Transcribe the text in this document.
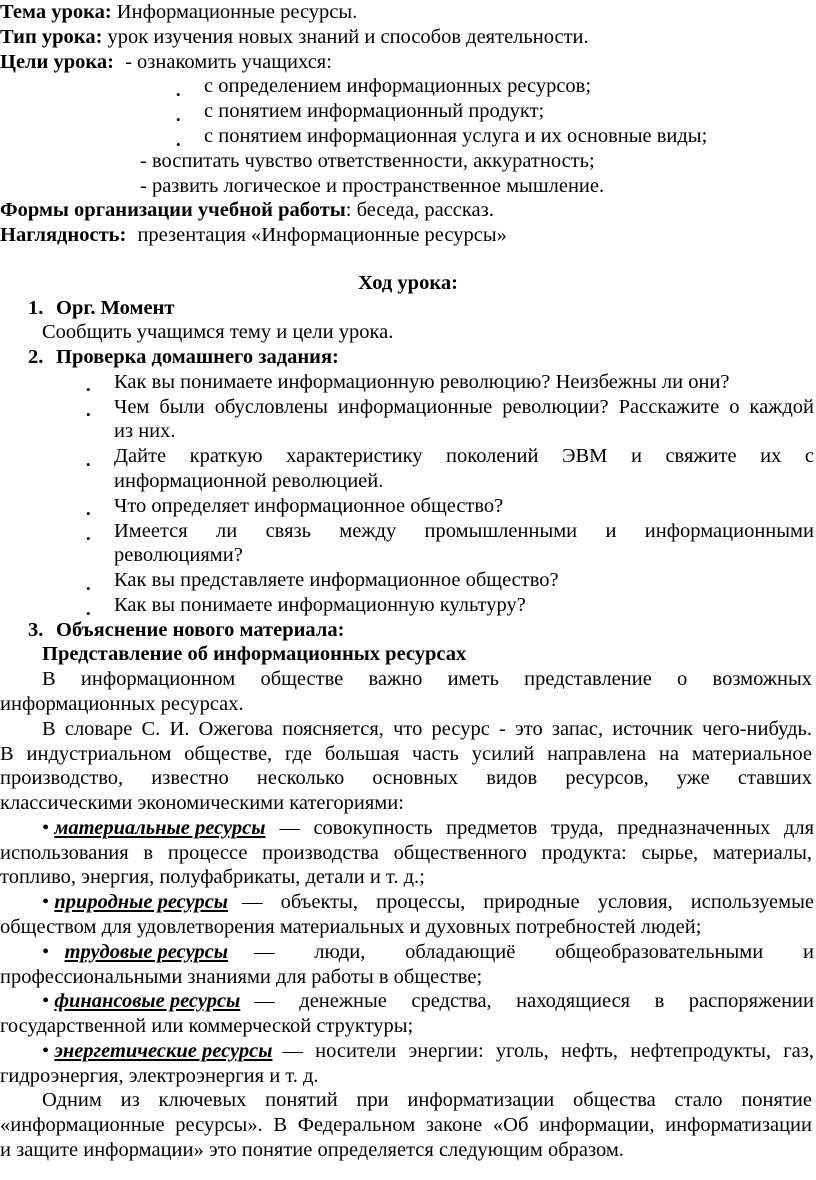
Тема урока: Информационные ресурсы.
Тип урока: урок изучения новых знаний и способов деятельности.
Цели урока: - ознакомить учащихся:
• с определением информационных ресурсов;
• с понятием информационный продукт;
• с понятием информационная услуга и их основные виды;
- воспитать чувство ответственности, аккуратность;
- развить логическое и пространственное мышление.
Формы организации учебной работы: беседа, рассказ.
Наглядность: презентация «Информационные ресурсы»
Ход урока:
1. Орг. Момент
Сообщить учащимся тему и цели урока.
2. Проверка домашнего задания:
• Как вы понимаете информационную революцию? Неизбежны ли они?
• Чем были обусловлены информационные революции? Расскажите о каждой
из них.
• Дайте краткую характеристику поколений ЭВМ и свяжите их с
информационной революцией.
• Что определяет информационное общество?
• Имеется ли связь между промышленными и информационными
революциями?
• Как вы представляете информационное общество?
• Как вы понимаете информационную культуру?
3. Объяснение нового материала:
Представление об информационных ресурсах
В информационном обществе важно иметь представление о возможных
информационных ресурсах.
В словаре С. И. Ожегова поясняется, что ресурс - это запас, источник чего-нибудь.
В индустриальном обществе, где большая часть усилий направлена на материальное
производство, известно несколько основных видов ресурсов, уже ставших
классическими экономическими категориями:
• материальные ресурсы — совокупность предметов труда, предназначенных для
использования в процессе производства общественного продукта: сырье, материалы,
топливо, энергия, полуфабрикаты, детали и т. д.;
• природные ресурсы — объекты, процессы, природные условия, используемые
обществом для удовлетворения материальных и духовных потребностей людей;
• трудовые ресурсы — люди, обладающиё общеобразовательными и
профессиональными знаниями для работы в обществе;
• финансовые ресурсы — денежные средства, находящиеся в распоряжении
государственной или коммерческой структуры;
• энергетические ресурсы — носители энергии: уголь, нефть, нефтепродукты, газ,
гидроэнергия, электроэнергия и т. д.
Одним из ключевых понятий при информатизации общества стало понятие
«информационные ресурсы». В Федеральном законе «Об информации, информатизации
и защите информации» это понятие определяется следующим образом.
